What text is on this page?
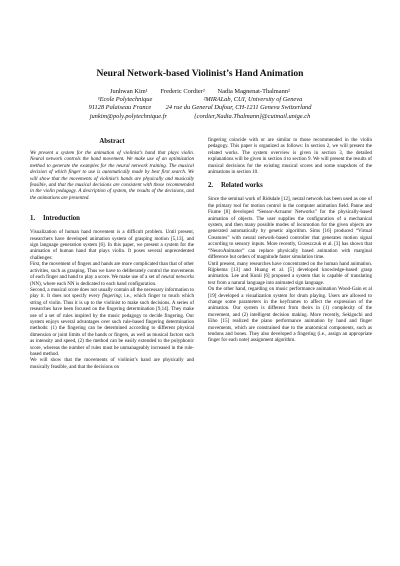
Neural Network-based Violinist’s Hand Animation
Junhwan Kim¹        Frederic Cordier²        Nadia Magnenat-Thalmann²
¹Ecole Polytechnique                                ²MIRALab, CUI, University of Geneva
91128 Palaiseau France         24 rue du General Dufour, CH-1211 Geneva Switzerland
junkim@poly.polytechnique.fr                 {cordier,Nadia.Thalmann}@cuimail.unige.ch
Abstract

We present a system for the animation of violinist’s hand that plays violin. Neural network controls the hand movement. We make use of an optimization method to generate the examples for the neural network training. The musical decision of which finger to use is automatically made by best first search. We will show that the movements of violinist’s hands are physically and musically feasible, and that the musical decisions are consistent with those recommended in the violin pedagogy. A description of system, the results of the decisions, and the animations are presented.

1. Introduction

Visualization of human hand movement is a difficult problem. Until present, researchers have developed animation system of grasping motion [5,13], and sign language generation system [6]. In this paper, we present a system for the animation of human hand that plays violin. It poses several unprecedented challenges:

First, the movement of fingers and hands are more complicated than that of other activities, such as grasping. Thus we have to deliberately control the movements of each finger and hand to play a score. We make use of a set of neural networks (NN), where each NN is dedicated to each hand configuration.

Second, a musical score does not usually contain all the necessary information to play it. It does not specify every fingering; i.e., which finger to touch which string of violin. Thus it is up to the violinist to make such decisions. A series of researches have been focused on the fingering determination [9,14]. They make use of a set of rules inspired by the music pedagogy to decide fingering. Our system enjoys several advantages over such rule-based fingering determination methods: (1) the fingering can be determined according to different physical dimension or joint limits of the hands or fingers, as well as musical factors such as intensity and speed, (2) the method can be easily extended to the polyphonic score, whereas the number of rules must be unmanageably increased in the rule-based method.

We will show that the movements of violinist’s hand are physically and musically feasible, and that the decisions on

fingering coincide with or are similar to those recommended in the violin pedagogy. This paper is organized as follows: In section 2, we will present the related works. The system overview is given in section 3, the detailed explanations will be given in section 4 to section 9. We will present the results of musical decisions for the existing musical scores and some snapshots of the animations in section 10.

2. Related works

Since the seminal work of Ridsdale [12], neural network has been used as one of the primary tool for motion control in the computer animation field. Panne and Fiume [8] developed “Sensor-Actuator Networks” for the physically-based animation of objects. The user supplies the configuration of a mechanical system, and then many possible modes of locomotion for the given objects are generated automatically by genetic algorithm. Sims [16] produced “Virtual Creatures” with neural network-based controller that generates motion signal according to sensory inputs. More recently, Grzeszczuk et al. [3] has shown that “NeuroAnimator” can replace physically based animation with marginal difference but orders of magnitude faster simulation time.

Until present, many researches have concentrated on the human hand animation. Rijpkema [13] and Huang et al. [5] developed knowledge-based grasp animation. Lee and Kunii [6] proposed a system that is capable of translating text from a natural language into animated sign language.

On the other hand, regarding on music performance animation Wood-Gain et al [19] developed a visualization system for drum playing. Users are allowed to change some parameters in the keyframes to affect the expression of the animation. Our system is different from theirs in (1) complexity of the movement, and (2) intelligent decision making. More recently, Sekiguchi and Eiho [15] realized the piano performance animation by hand and finger movements, which are constrained due to the anatomical components, such as tendons and bones. They also developed a fingering (i.e., assign an appropriate finger for each note) assignment algorithm.
